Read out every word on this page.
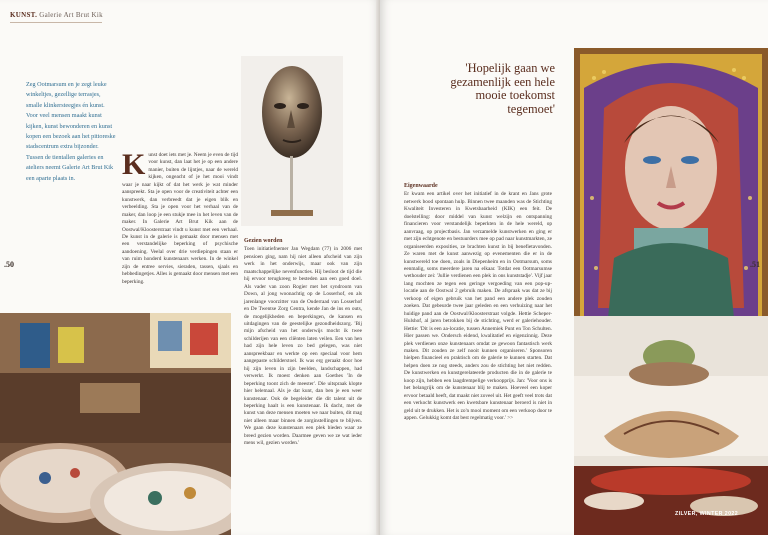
KUNST. Galerie Art Brut Kik

Zeg Ootmarsum en je zegt leuke winkeltjes, gezellige terrasjes, smalle klinkersteegjes én kunst. Voor veel mensen maakt kunst kijken, kunst bewonderen en kunst kopen een bezoek aan het pittoreske stadscentrum extra bijzonder. Tussen de tientallen galeries en ateliers neemt Galerie Art Brut Kik een aparte plaats in.	K unst doet iets met je. Neem je even de tijd voor kunst, dan laat het je op een andere manier, buiten de lijntjes, naar de wereld kijken, ongeacht of je het mooi vindt waar je naar kijkt of dat het werk je wat minder aanspreekt. Sta je open voor de creativiteit achter een kunstwerk, dan verbreedt dat je eigen blik en verbeelding. Sta je open voor het verhaal van de maker, dan loop je een stukje mee in het leven van de maker. In Galerie Art Brut Kik aan de Oostwal/Kloosterstraat vindt u kunst met een verhaal. De kunst in de galerie is gemaakt door mensen met een verstandelijke beperking of psychische aandoening. Veelal over drie verdiepingen staan er van ruim honderd kunstenaars werken. In de winkel zijn de entree servies, sieraden, tassen, sjaals en hebbedingetjes. Alles is gemaakt door mensen met een beperking.
Gezien worden
Toen initiatiefnemer Jan Wegdam (77) in 2006 met pensioen ging, nam hij niet alleen afscheid van zijn werk in het onderwijs, maar ook van zijn maatschappelijke nevenfuncties. Hij besloot de tijd die hij ervoor terugkreeg te besteden aan een goed doel. Als vader van zoon Rogier met het syndroom van Down, al jong woonachtig op de Losserhof, en als jarenlange voorzitter van de Ouderraad van Losserhof en De Twentse Zorg Centra, kende Jan de ins en outs, de mogelijkheden en beperkingen, de kansen en uitdagingen van de geestelijke gezondheidszorg. 'Bij mijn afscheid van het onderwijs mocht ik twee schilderijen van een cliënten laten veilen. Een van hen had zijn hele leven zo bed gelegen, was niet aanspreekbaar en werkte op een speciaal voor hem aangepaste schilderstoel. Ik was erg geraakt door hoe hij zijn leven in zijn beelden, landschappen, had verwerkt. Ik moest denken aan Goethes 'In de beperking toont zich de meester'. Die uitspraak klopte hier helemaal. Als je dat kunt, dan ben je een weer kunstenaar. Ook de begeleider die dit talent uit de beperking haalt is een kunstenaar. Ik dacht, met de kunst van deze mensen moeten we naar buiten, dit mag niet alleen maar binnen de zorginstellingen te blijven. We gaan deze kunstenaars een plek bieden waar ze breed gezien worden. Daarmee geven we ze wat ieder mens wil, gezien worden.'
.50
'Hopelijk gaan we gezamenlijk een hele mooie toekomst tegemoet'
Eigenwaarde
Er kwam een artikel over het initiatief in de krant en Jans grote netwerk bood spontaan hulp. Binnen twee maanden was de Stichting Kwaliteit Investeren in Kwetsbaarheid (KIK) een feit. De doelstelling: door middel van kunst welzijn en ontspanning financieren voor verstandelijk beperkten in de hele wereld, op aanvraag, op projectbasis. Jan verzamelde kunstwerken en ging er met zijn echtgenote en bestuurders mee op pad naar kunstmarkten, ze organiseerden exposities, ze brachten kunst in bij benefietavonden. Ze waren met de kunst aanwezig op evenementen die er in de kunstwereld toe doen, zoals in Diepenheim en in Ootmarsum, soms eenmalig, soms meerdere jaren na elkaar. Totdat een Ootmarsumse wethouder zei: 'Jullie verdienen een plek in ons kunststadje'. Vijf jaar lang mochten ze tegen een geringe vergoeding van een pop-up-locatie aan de Oostwal 2 gebruik maken. De afspraak was dat ze bij verkoop of eigen gebruik van het pand een andere plek zouden zoeken. Dat gebeurde twee jaar geleden en een verhuizing naar het huidige pand aan de Oostwal/Kloosterstraat volgde. Hettie Scheper-Hulshof, al jaren betrokken bij de stichting, werd er galeriehouder. Hettie: 'Dit is een aa-locatie, tussen Annemiek Punt en Ton Schulten. Hier passen we. Ondersch eidend, kwalitatief en eigenzinnig. Deze plek verdienen onze kunstenaars omdat ze gewoon fantastisch werk maken. Dit zouden ze zelf nooit kunnen organiseren.' Sponsoren hielpen financieel en praktisch om de galerie te kunnen starten. Dat helpen doen ze nog steeds, anders zou de stichting het niet redden. De kunstwerken en kunstgerelateerde producten die in de galerie te koop zijn, hebben een laagdrempelige verkoopprijs. Jan: 'Voor ons is het belangrijk om de kunstenaar blij te maken. Hoeveel een koper ervoor betaald heeft, dat maakt niet zoveel uit. Het geeft veel trots dat een verkocht kunstwerk een kwetsbare kunstenaar beroerd is niet in geld uit te drukken. Het is zo'n mooi moment om een verkoop door te appen. Gelukkig komt dat best regelmatig voor.' >>
.51
ZILVER, WINTER 2022
